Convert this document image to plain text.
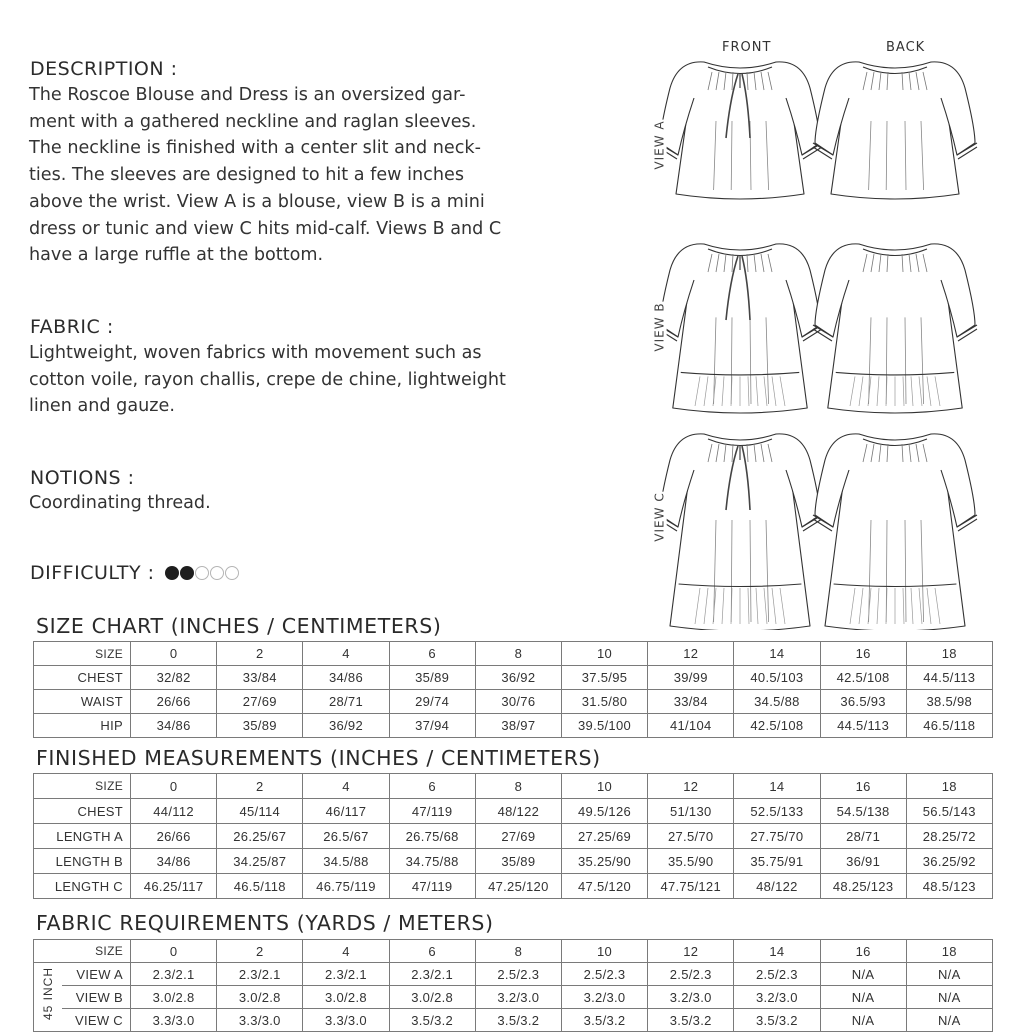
DESCRIPTION :
The Roscoe Blouse and Dress is an oversized gar-
ment with a gathered neckline and raglan sleeves.
The neckline is finished with a center slit and neck-
ties. The sleeves are designed to hit a few inches
above the wrist. View A is a blouse, view B is a mini
dress or tunic and view C hits mid-calf. Views B and C
have a large ruffle at the bottom.
FABRIC :
Lightweight, woven fabrics with movement such as
cotton voile, rayon challis, crepe de chine, lightweight
linen and gauze.
NOTIONS :
Coordinating thread.
DIFFICULTY :
FRONT	BACK
VIEW A
VIEW B
VIEW C
SIZE CHART (INCHES / CENTIMETERS)
SIZE	0	2	4	6	8	10	12	14	16	18
CHEST	32/82	33/84	34/86	35/89	36/92	37.5/95	39/99	40.5/103	42.5/108	44.5/113
WAIST	26/66	27/69	28/71	29/74	30/76	31.5/80	33/84	34.5/88	36.5/93	38.5/98
HIP	34/86	35/89	36/92	37/94	38/97	39.5/100	41/104	42.5/108	44.5/113	46.5/118
FINISHED MEASUREMENTS (INCHES / CENTIMETERS)
SIZE	0	2	4	6	8	10	12	14	16	18
CHEST	44/112	45/114	46/117	47/119	48/122	49.5/126	51/130	52.5/133	54.5/138	56.5/143
LENGTH A	26/66	26.25/67	26.5/67	26.75/68	27/69	27.25/69	27.5/70	27.75/70	28/71	28.25/72
LENGTH B	34/86	34.25/87	34.5/88	34.75/88	35/89	35.25/90	35.5/90	35.75/91	36/91	36.25/92
LENGTH C	46.25/117	46.5/118	46.75/119	47/119	47.25/120	47.5/120	47.75/121	48/122	48.25/123	48.5/123
FABRIC REQUIREMENTS (YARDS / METERS)
SIZE		0	2	4	6	8	10	12	14	16	18
45 INCH	VIEW A	2.3/2.1	2.3/2.1	2.3/2.1	2.3/2.1	2.5/2.3	2.5/2.3	2.5/2.3	2.5/2.3	N/A	N/A
	VIEW B	3.0/2.8	3.0/2.8	3.0/2.8	3.0/2.8	3.2/3.0	3.2/3.0	3.2/3.0	3.2/3.0	N/A	N/A
	VIEW C	3.3/3.0	3.3/3.0	3.3/3.0	3.5/3.2	3.5/3.2	3.5/3.2	3.5/3.2	3.5/3.2	N/A	N/A
